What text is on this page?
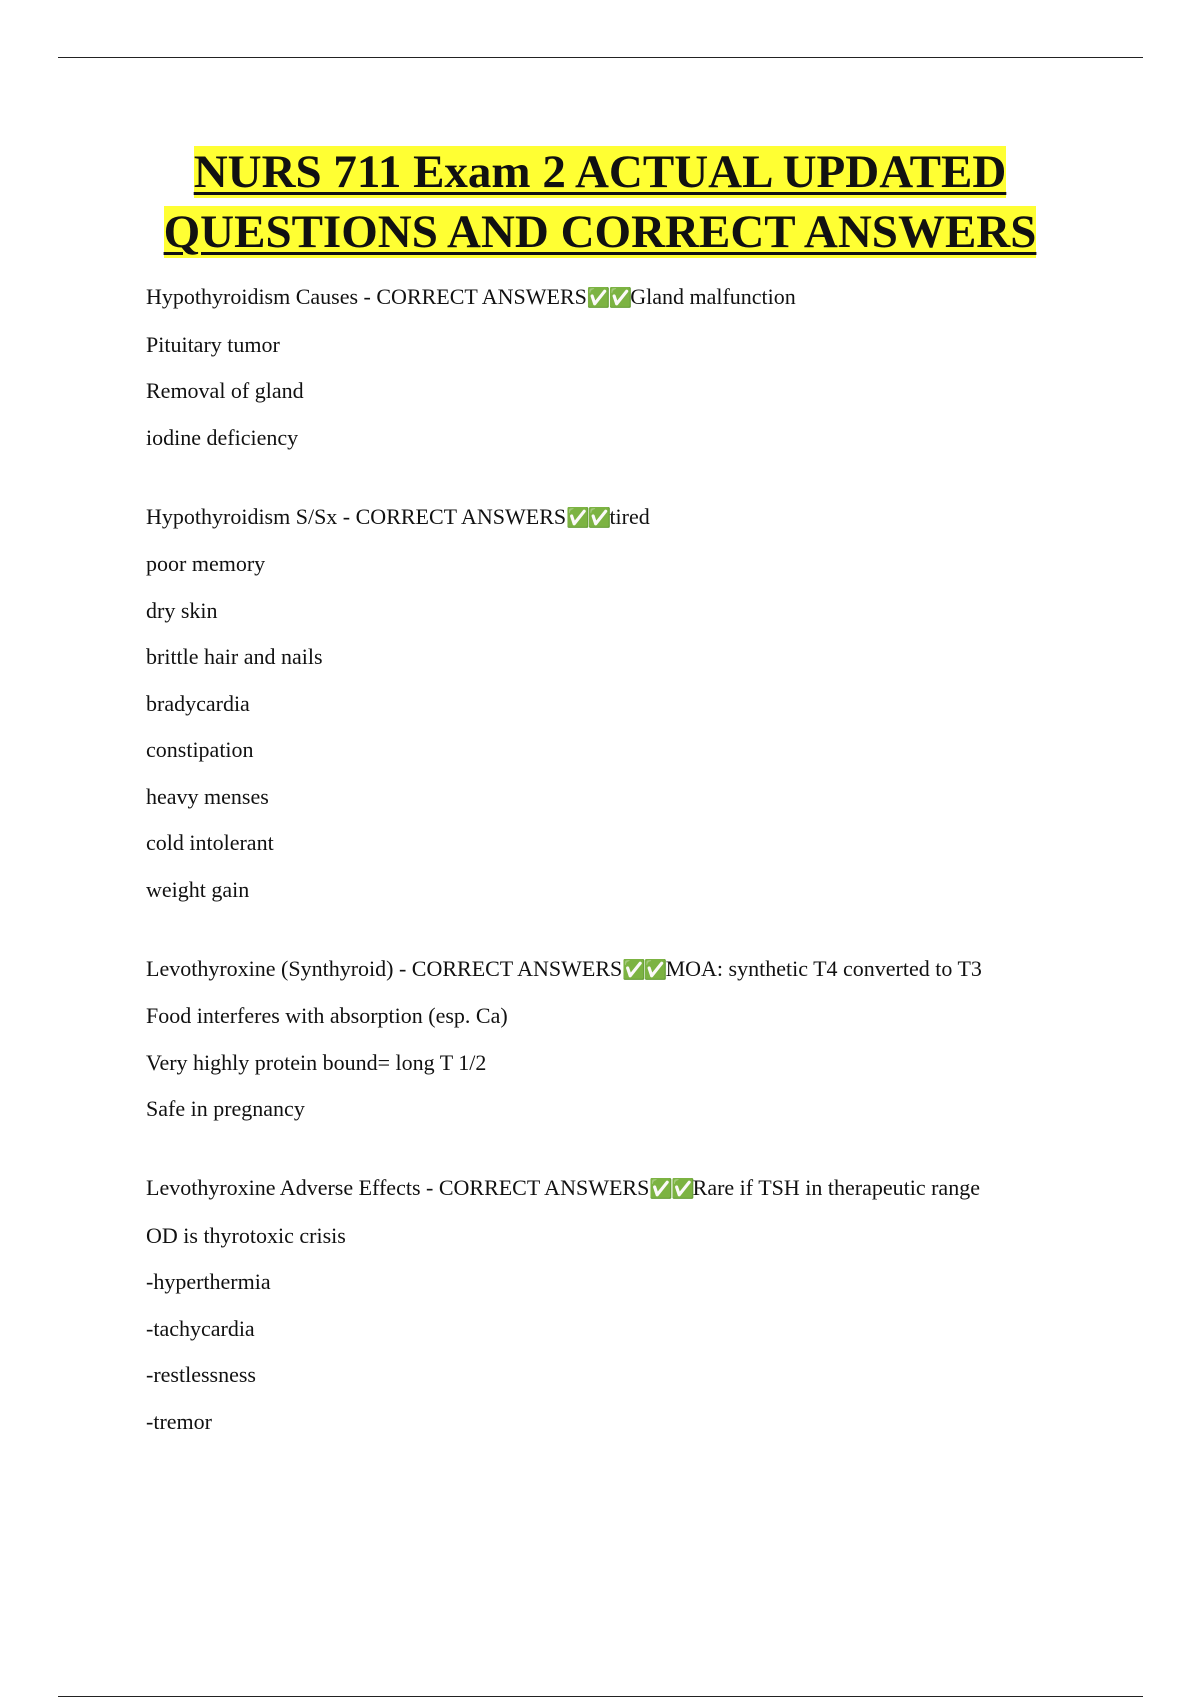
NURS 711 Exam 2 ACTUAL UPDATED
QUESTIONS AND CORRECT ANSWERS

Hypothyroidism Causes - CORRECT ANSWERS✅✅Gland malfunction

Pituitary tumor

Removal of gland

iodine deficiency

Hypothyroidism S/Sx - CORRECT ANSWERS✅✅tired

poor memory

dry skin

brittle hair and nails

bradycardia

constipation

heavy menses

cold intolerant

weight gain

Levothyroxine (Synthyroid) - CORRECT ANSWERS✅✅MOA: synthetic T4 converted to T3

Food interferes with absorption (esp. Ca)

Very highly protein bound= long T 1/2

Safe in pregnancy

Levothyroxine Adverse Effects - CORRECT ANSWERS✅✅Rare if TSH in therapeutic range

OD is thyrotoxic crisis

-hyperthermia

-tachycardia

-restlessness

-tremor
